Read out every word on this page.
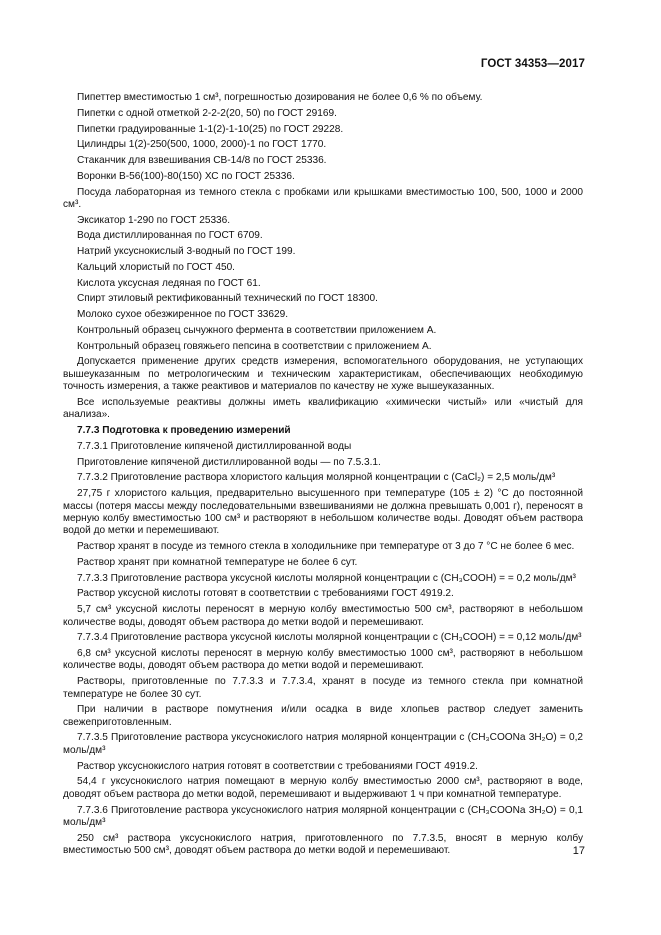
ГОСТ 34353—2017

Пипеттер вместимостью 1 см³, погрешностью дозирования не более 0,6 % по объему.

Пипетки с одной отметкой 2-2-2(20, 50) по ГОСТ 29169.

Пипетки градуированные 1-1(2)-1-10(25) по ГОСТ 29228.

Цилиндры 1(2)-250(500, 1000, 2000)-1 по ГОСТ 1770.

Стаканчик для взвешивания СВ-14/8 по ГОСТ 25336.

Воронки В-56(100)-80(150) ХС по ГОСТ 25336.

Посуда лабораторная из темного стекла с пробками или крышками вместимостью 100, 500, 1000 и 2000 см³.

Эксикатор 1-290 по ГОСТ 25336.

Вода дистиллированная по ГОСТ 6709.

Натрий уксуснокислый 3-водный по ГОСТ 199.

Кальций хлористый по ГОСТ 450.

Кислота уксусная ледяная по ГОСТ 61.

Спирт этиловый ректификованный технический по ГОСТ 18300.

Молоко сухое обезжиренное по ГОСТ 33629.

Контрольный образец сычужного фермента в соответствии приложением А.

Контрольный образец говяжьего пепсина в соответствии с приложением А.

Допускается применение других средств измерения, вспомогательного оборудования, не уступающих вышеуказанным по метрологическим и техническим характеристикам, обеспечивающих необходимую точность измерения, а также реактивов и материалов по качеству не хуже вышеуказанных.

Все используемые реактивы должны иметь квалификацию «химически чистый» или «чистый для анализа».

7.7.3 Подготовка к проведению измерений

7.7.3.1 Приготовление кипяченой дистиллированной воды

Приготовление кипяченой дистиллированной воды — по 7.5.3.1.

7.7.3.2 Приготовление раствора хлористого кальция молярной концентрации с (CaCl₂) = 2,5 моль/дм³

27,75 г хлористого кальция, предварительно высушенного при температуре (105 ± 2) °С до постоянной массы (потеря массы между последовательными взвешиваниями не должна превышать 0,001 г), переносят в мерную колбу вместимостью 100 см³ и растворяют в небольшом количестве воды. Доводят объем раствора водой до метки и перемешивают.

Раствор хранят в посуде из темного стекла в холодильнике при температуре от 3 до 7 °С не более 6 мес.

Раствор хранят при комнатной температуре не более 6 сут.

7.7.3.3 Приготовление раствора уксусной кислоты молярной концентрации с (CH₃COOH) = = 0,2 моль/дм³

Раствор уксусной кислоты готовят в соответствии с требованиями ГОСТ 4919.2.

5,7 см³ уксусной кислоты переносят в мерную колбу вместимостью 500 см³, растворяют в небольшом количестве воды, доводят объем раствора до метки водой и перемешивают.

7.7.3.4 Приготовление раствора уксусной кислоты молярной концентрации с (CH₃COOH) = = 0,12 моль/дм³

6,8 см³ уксусной кислоты переносят в мерную колбу вместимостью 1000 см³, растворяют в небольшом количестве воды, доводят объем раствора до метки водой и перемешивают.

Растворы, приготовленные по 7.7.3.3 и 7.7.3.4, хранят в посуде из темного стекла при комнатной температуре не более 30 сут.

При наличии в растворе помутнения и/или осадка в виде хлопьев раствор следует заменить свежеприготовленным.

7.7.3.5 Приготовление раствора уксуснокислого натрия молярной концентрации с (CH₃COONa 3H₂O) = 0,2 моль/дм³

Раствор уксуснокислого натрия готовят в соответствии с требованиями ГОСТ 4919.2.

54,4 г уксуснокислого натрия помещают в мерную колбу вместимостью 2000 см³, растворяют в воде, доводят объем раствора до метки водой, перемешивают и выдерживают 1 ч при комнатной температуре.

7.7.3.6 Приготовление раствора уксуснокислого натрия молярной концентрации с (CH₃COONa 3H₂O) = 0,1 моль/дм³

250 см³ раствора уксуснокислого натрия, приготовленного по 7.7.3.5, вносят в мерную колбу вместимостью 500 см³, доводят объем раствора до метки водой и перемешивают.	17
